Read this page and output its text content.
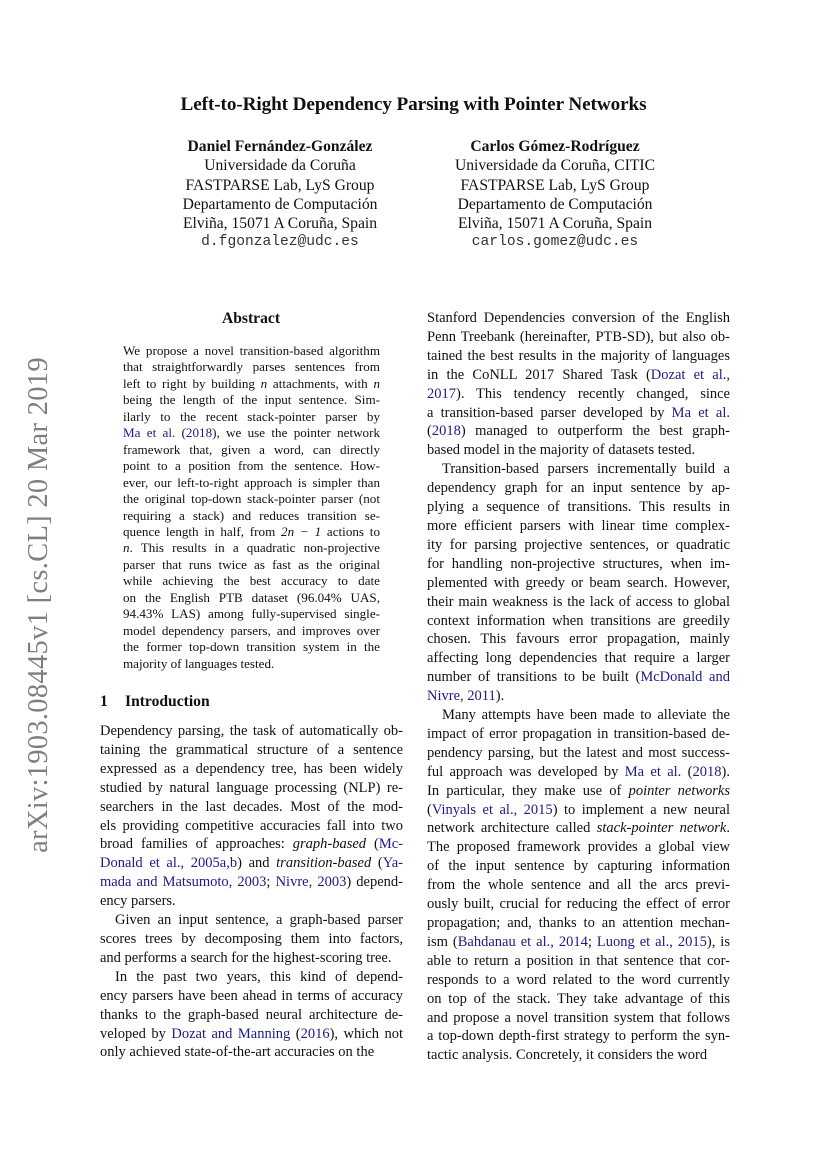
arXiv:1903.08445v1 [cs.CL] 20 Mar 2019
Left-to-Right Dependency Parsing with Pointer Networks
Daniel Fernández-González
Universidade da Coruña
FASTPARSE Lab, LyS Group
Departamento de Computación
Elviña, 15071 A Coruña, Spain
d.fgonzalez@udc.es
Carlos Gómez-Rodríguez
Universidade da Coruña, CITIC
FASTPARSE Lab, LyS Group
Departamento de Computación
Elviña, 15071 A Coruña, Spain
carlos.gomez@udc.es
Abstract
We propose a novel transition-based algorithm
that straightforwardly parses sentences from
left to right by building n attachments, with n
being the length of the input sentence. Sim-
ilarly to the recent stack-pointer parser by
Ma et al. (2018), we use the pointer network
framework that, given a word, can directly
point to a position from the sentence. How-
ever, our left-to-right approach is simpler than
the original top-down stack-pointer parser (not
requiring a stack) and reduces transition se-
quence length in half, from 2n − 1 actions to
n. This results in a quadratic non-projective
parser that runs twice as fast as the original
while achieving the best accuracy to date
on the English PTB dataset (96.04% UAS,
94.43% LAS) among fully-supervised single-
model dependency parsers, and improves over
the former top-down transition system in the
majority of languages tested.
1 Introduction

Dependency parsing, the task of automatically ob-
taining the grammatical structure of a sentence
expressed as a dependency tree, has been widely
studied by natural language processing (NLP) re-
searchers in the last decades. Most of the mod-
els providing competitive accuracies fall into two
broad families of approaches: graph-based (Mc-
Donald et al., 2005a,b) and transition-based (Ya-
mada and Matsumoto, 2003; Nivre, 2003) depend-
ency parsers.

Given an input sentence, a graph-based parser
scores trees by decomposing them into factors,
and performs a search for the highest-scoring tree.

In the past two years, this kind of depend-
ency parsers have been ahead in terms of accuracy
thanks to the graph-based neural architecture de-
veloped by Dozat and Manning (2016), which not
only achieved state-of-the-art accuracies on the

Stanford Dependencies conversion of the English
Penn Treebank (hereinafter, PTB-SD), but also ob-
tained the best results in the majority of languages
in the CoNLL 2017 Shared Task (Dozat et al.,
2017). This tendency recently changed, since
a transition-based parser developed by Ma et al.
(2018) managed to outperform the best graph-
based model in the majority of datasets tested.

Transition-based parsers incrementally build a
dependency graph for an input sentence by ap-
plying a sequence of transitions. This results in
more efficient parsers with linear time complex-
ity for parsing projective sentences, or quadratic
for handling non-projective structures, when im-
plemented with greedy or beam search. However,
their main weakness is the lack of access to global
context information when transitions are greedily
chosen. This favours error propagation, mainly
affecting long dependencies that require a larger
number of transitions to be built (McDonald and
Nivre, 2011).

Many attempts have been made to alleviate the
impact of error propagation in transition-based de-
pendency parsing, but the latest and most success-
ful approach was developed by Ma et al. (2018).
In particular, they make use of pointer networks
(Vinyals et al., 2015) to implement a new neural
network architecture called stack-pointer network.
The proposed framework provides a global view
of the input sentence by capturing information
from the whole sentence and all the arcs previ-
ously built, crucial for reducing the effect of error
propagation; and, thanks to an attention mechan-
ism (Bahdanau et al., 2014; Luong et al., 2015), is
able to return a position in that sentence that cor-
responds to a word related to the word currently
on top of the stack. They take advantage of this
and propose a novel transition system that follows
a top-down depth-first strategy to perform the syn-
tactic analysis. Concretely, it considers the word
